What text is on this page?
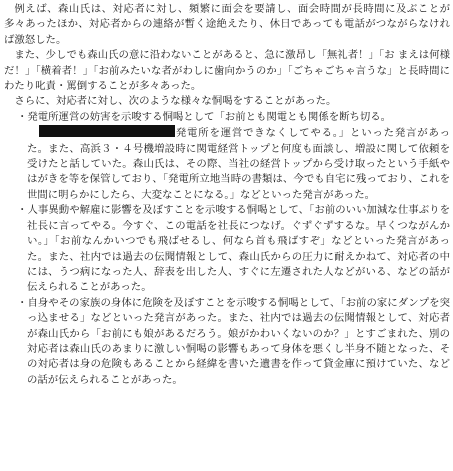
例えば、森山氏は、対応者に対し、頻繁に面会を要請し、面会時間が長時間に及ぶことが多々あったほか、対応者からの連絡が暫く途絶えたり、休日であっても電話がつながらなければ激怒した。

また、少しでも森山氏の意に沿わないことがあると、急に激昂し「無礼者！」「お まえは何様だ！」「横着者！」「お前みたいな者がわしに歯向かうのか」「ごちゃごちゃ言うな」と長時間にわたり叱責・罵倒することが多々あった。

さらに、対応者に対し、次のような様々な恫喝をすることがあった。

・発電所運営の妨害を示唆する恫喝として「お前とも関電とも関係を断ち切る。
発電所を運営できなくしてやる。」といった発言があった。また、高浜３・４号機増設時に関電経営トップと何度も面談し、増設に関して依頼を受けたと話していた。森山氏は、その際、当社の経営トップから受け取ったという手紙やはがきを等を保管しており、「発電所立地当時の書類は、今でも自宅に残っており、これを世間に明らかにしたら、大変なことになる。」などといった発言があった。

・人事異動や解雇に影響を及ぼすことを示唆する恫喝として、「お前のいい加減な仕事ぶりを社長に言ってやる。今すぐ、この電話を社長につなげ。ぐずぐずするな。早くつながんかい。」「お前なんかいつでも飛ばせるし、何なら首も飛ばすぞ」などといった発言があった。また、社内では過去の伝聞情報として、森山氏からの圧力に耐えかねて、対応者の中には、うつ病になった人、辞表を出した人、すぐに左遷された人などがいる、などの話が伝えられることがあった。

・自身やその家族の身体に危険を及ぼすことを示唆する恫喝として、「お前の家にダンプを突っ込ませる」などといった発言があった。また、社内では過去の伝聞情報として、対応者が森山氏から「お前にも娘があるだろう。娘がかわいくないのか？」とすごまれた、別の対応者は森山氏のあまりに激しい恫喝の影響もあって身体を悪くし半身不随となった、その対応者は身の危険もあることから経緯を書いた遺書を作って貸金庫に預けていた、などの話が伝えられることがあった。
